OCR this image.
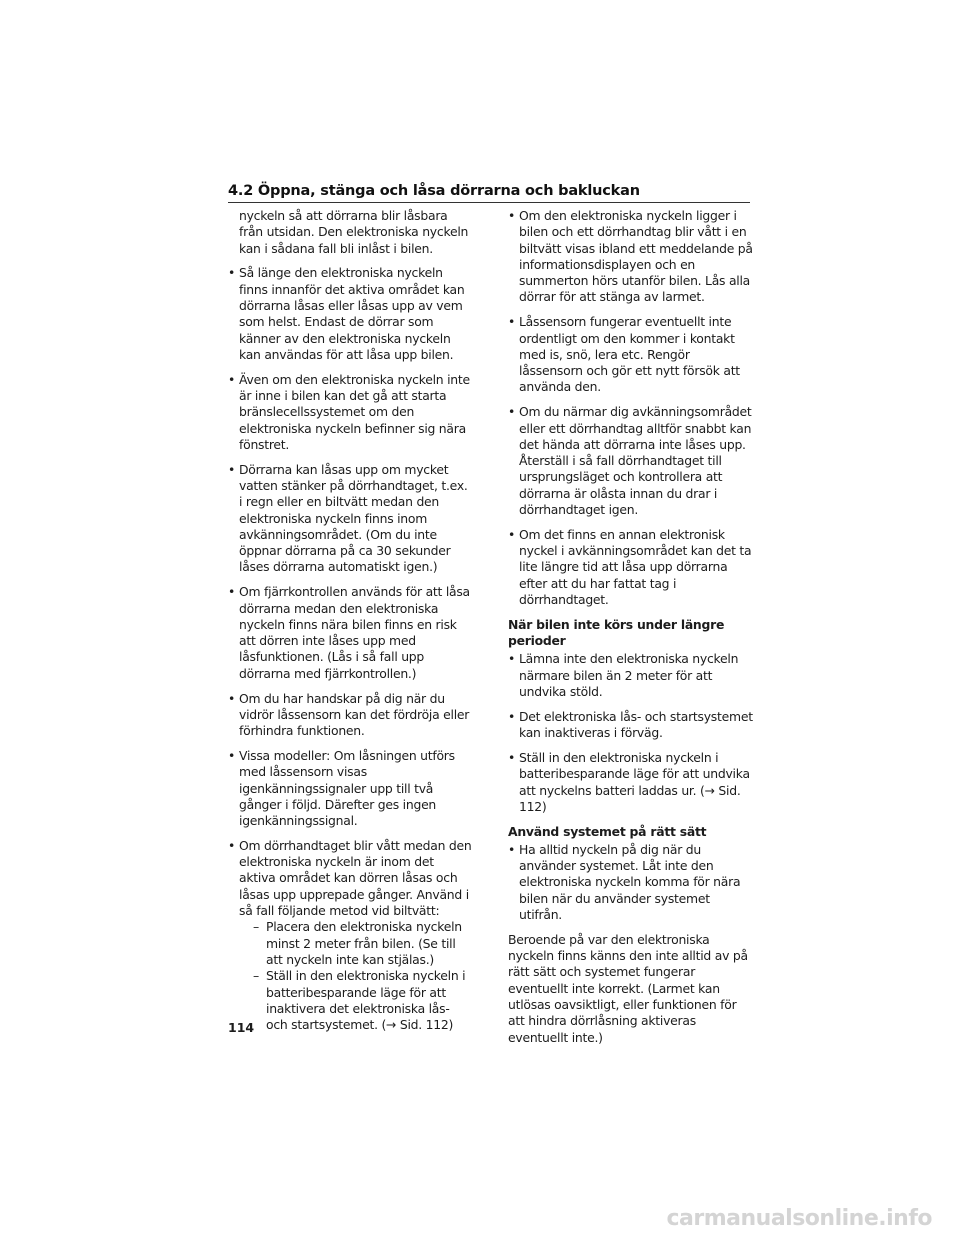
4.2 Öppna, stänga och låsa dörrarna och bakluckan

nyckeln så att dörrarna blir låsbara från utsidan. Den elektroniska nyckeln kan i sådana fall bli inlåst i bilen.

• Så länge den elektroniska nyckeln finns innanför det aktiva området kan dörrarna låsas eller låsas upp av vem som helst. Endast de dörrar som känner av den elektroniska nyckeln kan användas för att låsa upp bilen.
• Även om den elektroniska nyckeln inte är inne i bilen kan det gå att starta bränslecellssystemet om den elektroniska nyckeln befinner sig nära fönstret.
• Dörrarna kan låsas upp om mycket vatten stänker på dörrhandtaget, t.ex. i regn eller en biltvätt medan den elektroniska nyckeln finns inom avkänningsområdet. (Om du inte öppnar dörrarna på ca 30 sekunder låses dörrarna automatiskt igen.)
• Om fjärrkontrollen används för att låsa dörrarna medan den elektroniska nyckeln finns nära bilen finns en risk att dörren inte låses upp med låsfunktionen. (Lås i så fall upp dörrarna med fjärrkontrollen.)
• Om du har handskar på dig när du vidrör låssensorn kan det fördröja eller förhindra funktionen.
• Vissa modeller: Om låsningen utförs med låssensorn visas igenkänningssignaler upp till två gånger i följd. Därefter ges ingen igenkänningssignal.
• Om dörrhandtaget blir vått medan den elektroniska nyckeln är inom det aktiva området kan dörren låsas och låsas upp upprepade gånger. Använd i så fall följande metod vid biltvätt:
– Placera den elektroniska nyckeln minst 2 meter från bilen. (Se till att nyckeln inte kan stjälas.)
– Ställ in den elektroniska nyckeln i batteribesparande läge för att inaktivera det elektroniska lås- och startsystemet. (→ Sid. 112)
• Om den elektroniska nyckeln ligger i bilen och ett dörrhandtag blir vått i en biltvätt visas ibland ett meddelande på informationsdisplayen och en summerton hörs utanför bilen. Lås alla dörrar för att stänga av larmet.
• Låssensorn fungerar eventuellt inte ordentligt om den kommer i kontakt med is, snö, lera etc. Rengör låssensorn och gör ett nytt försök att använda den.
• Om du närmar dig avkänningsområdet eller ett dörrhandtag alltför snabbt kan det hända att dörrarna inte låses upp. Återställ i så fall dörrhandtaget till ursprungsläget och kontrollera att dörrarna är olåsta innan du drar i dörrhandtaget igen.
• Om det finns en annan elektronisk nyckel i avkänningsområdet kan det ta lite längre tid att låsa upp dörrarna efter att du har fattat tag i dörrhandtaget.
När bilen inte körs under längre perioder
• Lämna inte den elektroniska nyckeln närmare bilen än 2 meter för att undvika stöld.
• Det elektroniska lås- och startsystemet kan inaktiveras i förväg.
• Ställ in den elektroniska nyckeln i batteribesparande läge för att undvika att nyckelns batteri laddas ur. (→ Sid. 112)
Använd systemet på rätt sätt
• Ha alltid nyckeln på dig när du använder systemet. Låt inte den elektroniska nyckeln komma för nära bilen när du använder systemet utifrån.

Beroende på var den elektroniska nyckeln finns känns den inte alltid av på rätt sätt och systemet fungerar eventuellt inte korrekt. (Larmet kan utlösas oavsiktligt, eller funktionen för att hindra dörrlåsning aktiveras eventuellt inte.)

114
carmanualsonline.info
